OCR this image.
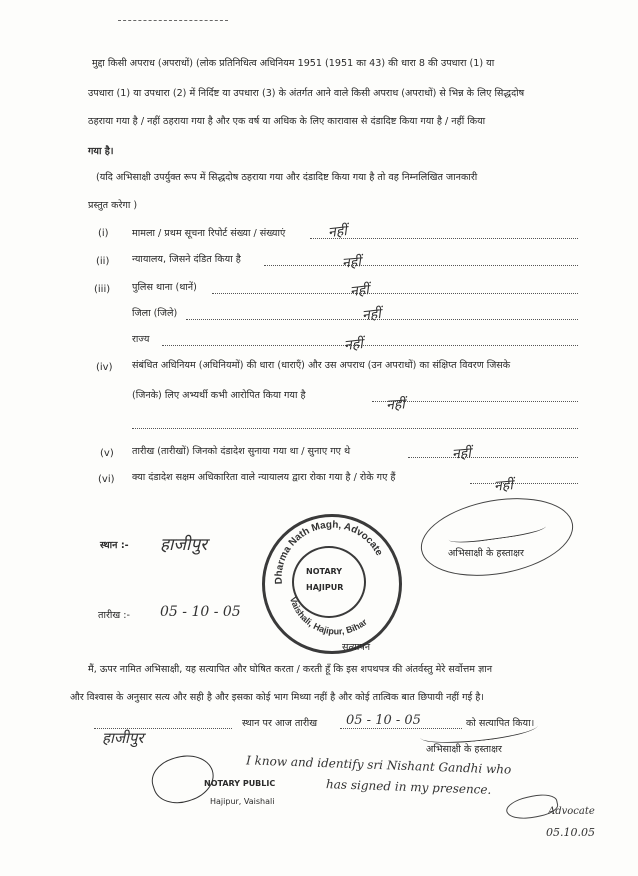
मुद्दा किसी अपराध (अपराधों) (लोक प्रतिनिधित्व अधिनियम 1951 (1951 का 43) की धारा 8 की उपधारा (1) या
उपधारा (1) या उपधारा (2) में निर्दिष्ट या उपधारा (3) के अंतर्गत आने वाले किसी अपराध (अपराधों) से भिन्न के लिए सिद्धदोष
ठहराया गया है / नहीं ठहराया गया है और एक वर्ष या अधिक के लिए कारावास से दंडादिष्ट किया गया है / नहीं किया
गया है।
(यदि अभिसाक्षी उपर्युक्त रूप में सिद्धदोष ठहराया गया और दंडादिष्ट किया गया है तो वह निम्नलिखित जानकारी
प्रस्तुत करेगा )
(i) मामला / प्रथम सूचना रिपोर्ट संख्या / संख्याएं	नहीं
(ii) न्यायालय, जिसने दंडित किया है	नहीं
(iii) पुलिस थाना (थानें)	नहीं
जिला (जिले)	नहीं
राज्य	नहीं
(iv) संबंधित अधिनियम (अधिनियमों) की धारा (धाराएँ) और उस अपराध (उन अपराधों) का संक्षिप्त विवरण जिसके
(जिनके) लिए अभ्यर्थी कभी आरोपित किया गया है
नहीं
(v) तारीख (तारीखों) जिनको दंडादेश सुनाया गया था / सुनाए गए थे	नहीं
(vi) क्या दंडादेश सक्षम अधिकारिता वाले न्यायालय द्वारा रोका गया है / रोके गए हैं	नहीं
स्थान :- हाजीपुर
तारीख :- 05 - 10 - 05
अभिसाक्षी के हस्ताक्षर
Dharma Nath Magh, Advocate
Vaishali, Hajipur, Bihar
NOTARY
HAJIPUR
सत्यापन
मैं, ऊपर नामित अभिसाक्षी, यह सत्यापित और घोषित करता / करती हूँ कि इस शपथपत्र की अंतर्वस्तु मेरे सर्वोत्तम ज्ञान
और विश्वास के अनुसार सत्य और सही है और इसका कोई भाग मिथ्या नहीं है और कोई तात्विक बात छिपायी नहीं गई है।
स्थान पर आज तारीख 05 - 10 - 05	को सत्यापित किया।
हाजीपुर
अभिसाक्षी के हस्ताक्षर
I know and identify sri Nishant Gandhi who
has signed in my presence.
Advocate
05.10.05
NOTARY PUBLIC
Hajipur, Vaishali
